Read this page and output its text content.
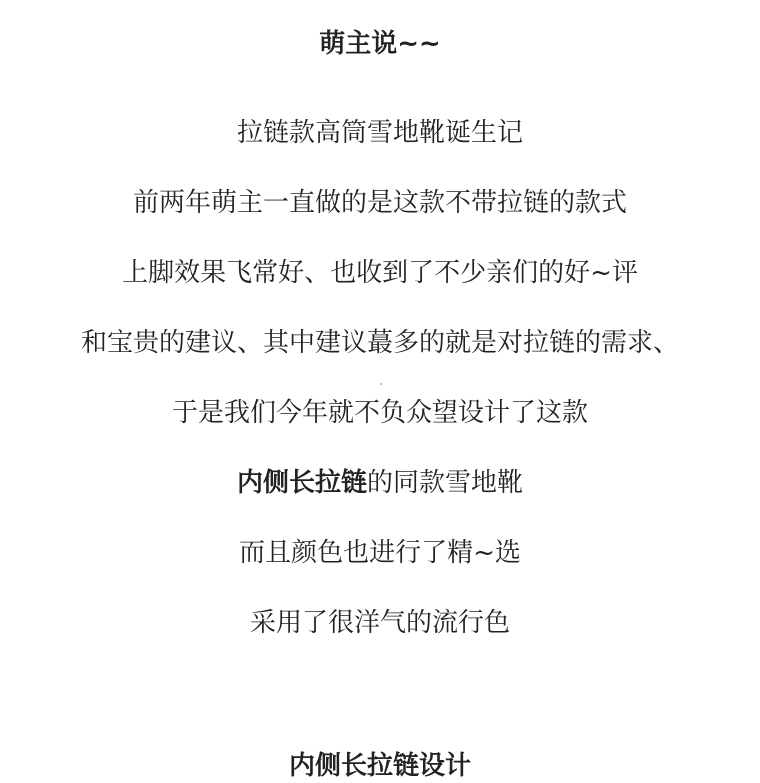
萌主说~~
拉链款高筒雪地靴诞生记
前两年萌主一直做的是这款不带拉链的款式
上脚效果飞常好、也收到了不少亲们的好~评
和宝贵的建议、其中建议蕞多的就是对拉链的需求、
于是我们今年就不负众望设计了这款
内侧长拉链的同款雪地靴
而且颜色也进行了精~选
采用了很洋气的流行色
内侧长拉链设计
